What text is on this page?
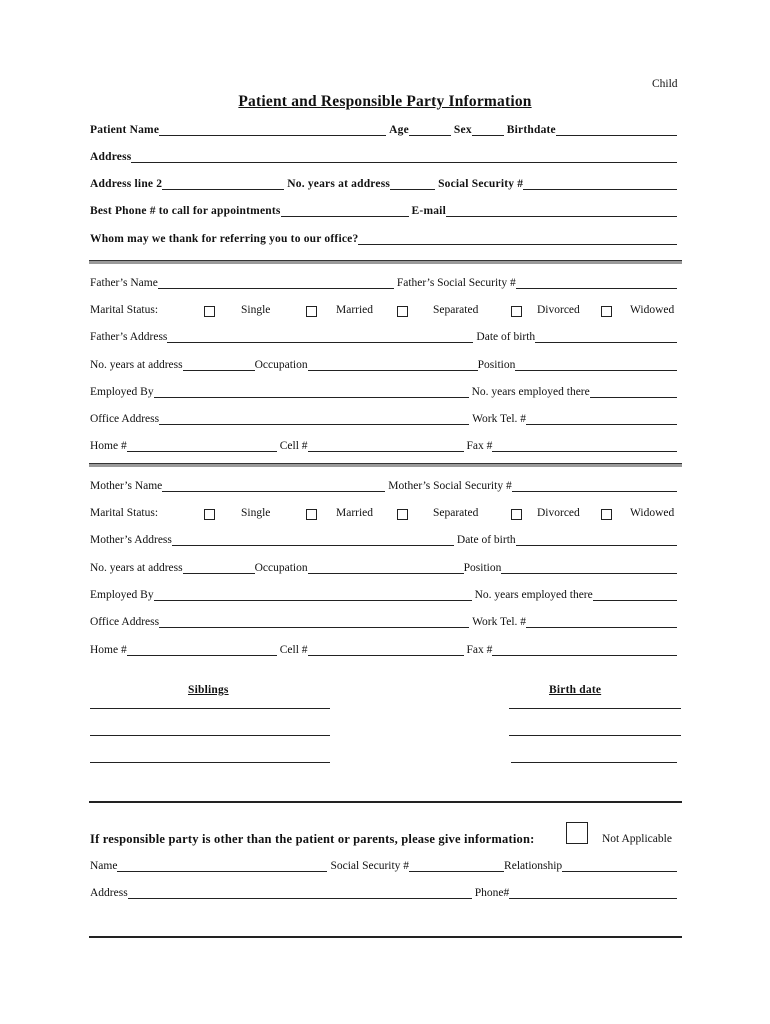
Child
Patient and Responsible Party Information
Patient Name	Age	Sex	Birthdate
Address
Address line 2	No. years at address	Social Security #
Best Phone # to call for appointments	E-mail
Whom may we thank for referring you to our office?
Father’s Name	Father’s Social Security #
Marital Status:	Single	Married	Separated	Divorced	Widowed
Father’s Address	Date of birth
No. years at address	Occupation	Position
Employed By	No. years employed there
Office Address	Work Tel. #
Home #	Cell #	Fax #
Mother’s Name	Mother’s Social Security #
Marital Status:	Single	Married	Separated	Divorced	Widowed
Mother’s Address	Date of birth
No. years at address	Occupation	Position
Employed By	No. years employed there
Office Address	Work Tel. #
Home #	Cell #	Fax #
Siblings	Birth date
If responsible party is other than the patient or parents, please give information:	Not Applicable
Name	Social Security #	Relationship
Address	Phone#
